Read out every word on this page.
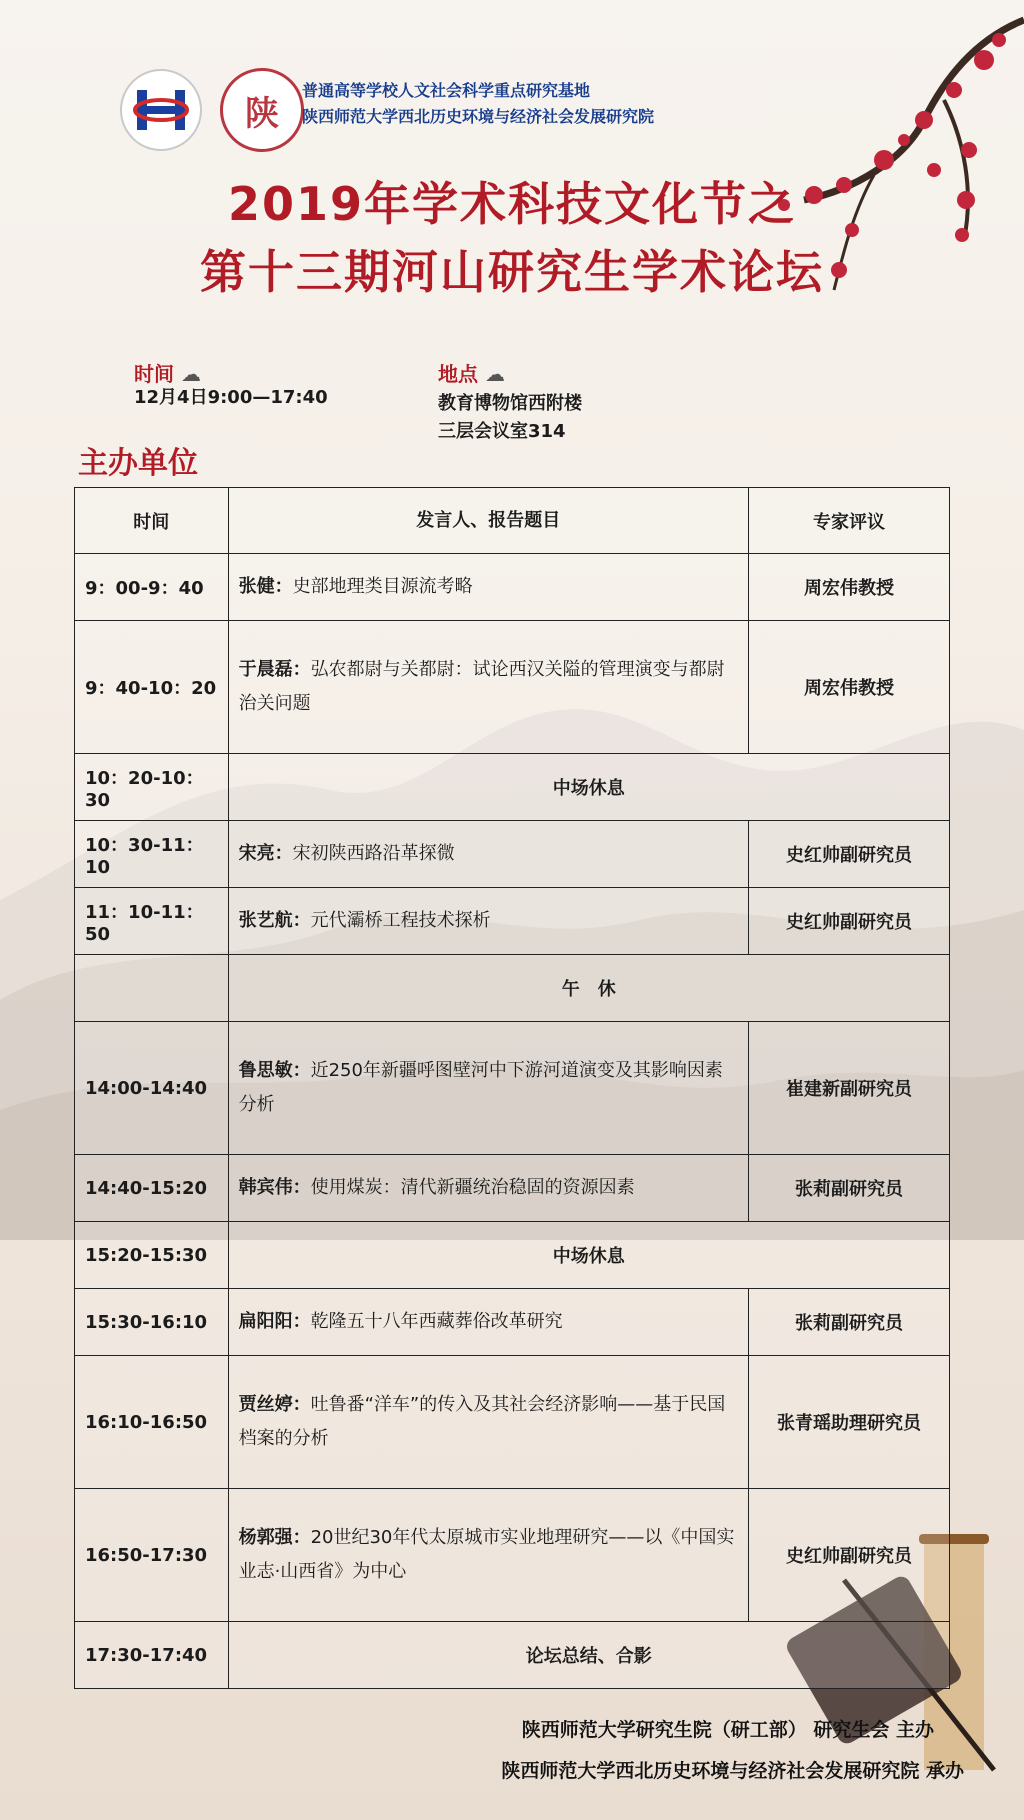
陕
普通高等学校人文社会科学重点研究基地
陕西师范大学西北历史环境与经济社会发展研究院
2019年学术科技文化节之
第十三期河山研究生学术论坛
时间 ☁
12月4日9:00—17:40
地点 ☁
教育博物馆西附楼
三层会议室314
主办单位
时间	发言人、报告题目	专家评议
9：00-9：40	张健：史部地理类目源流考略	周宏伟教授
9：40-10：20	于晨磊：弘农都尉与关都尉：试论西汉关隘的管理演变与都尉治关问题	周宏伟教授
10：20-10：30	中场休息	
10：30-11：10	宋亮：宋初陕西路沿革探微	史红帅副研究员
11：10-11：50	张艺航：元代灞桥工程技术探析	史红帅副研究员
	午　休	
14:00-14:40	鲁思敏：近250年新疆呼图壁河中下游河道演变及其影响因素分析	崔建新副研究员
14:40-15:20	韩宾伟：使用煤炭：清代新疆统治稳固的资源因素	张莉副研究员
15:20-15:30	中场休息	
15:30-16:10	扁阳阳：乾隆五十八年西藏葬俗改革研究	张莉副研究员
16:10-16:50	贾丝婷：吐鲁番“洋车”的传入及其社会经济影响——基于民国档案的分析	张青瑶助理研究员
16:50-17:30	杨郭强：20世纪30年代太原城市实业地理研究——以《中国实业志·山西省》为中心	史红帅副研究员
17:30-17:40	论坛总结、合影	
陕西师范大学研究生院（研工部） 研究生会 主办
陕西师范大学西北历史环境与经济社会发展研究院 承办
